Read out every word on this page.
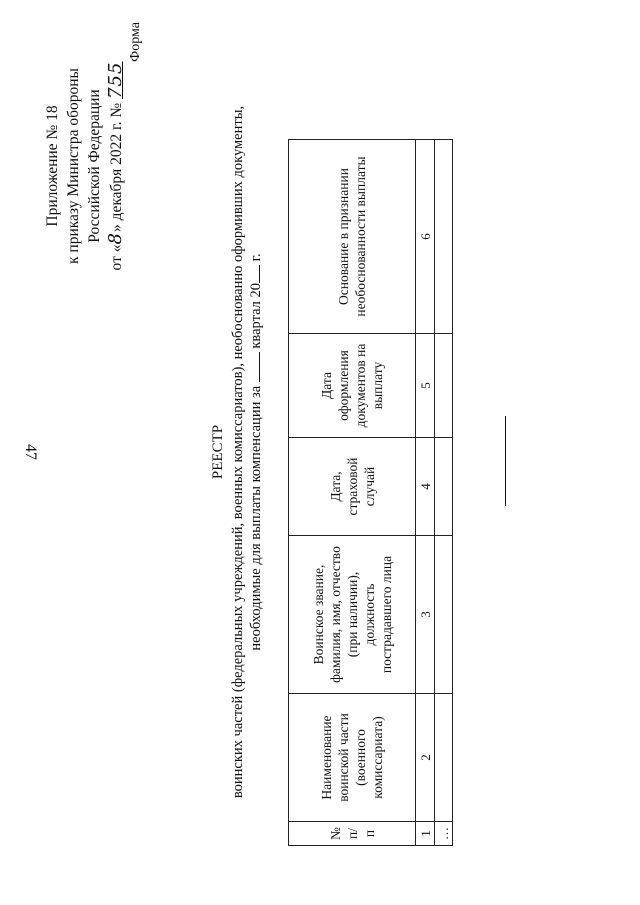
47
Приложение № 18 к приказу Министра обороны Российской Федерации
от «8» декабря 2022 г. № 755
Форма
РЕЕСТР воинских частей (федеральных учреждений, военных комиссариатов), необоснованно оформивших документы, необходимые для выплаты компенсации за  квартал 20 г.
№ п/п	Наименование воинской части (военного комиссариата)	Воинское звание, фамилия, имя, отчество (при наличии), должность пострадавшего лица	Дата, страховой случай	Дата оформления документов на выплату	Основание в признании необоснованности выплаты
1	2	3	4	5	6
…					
